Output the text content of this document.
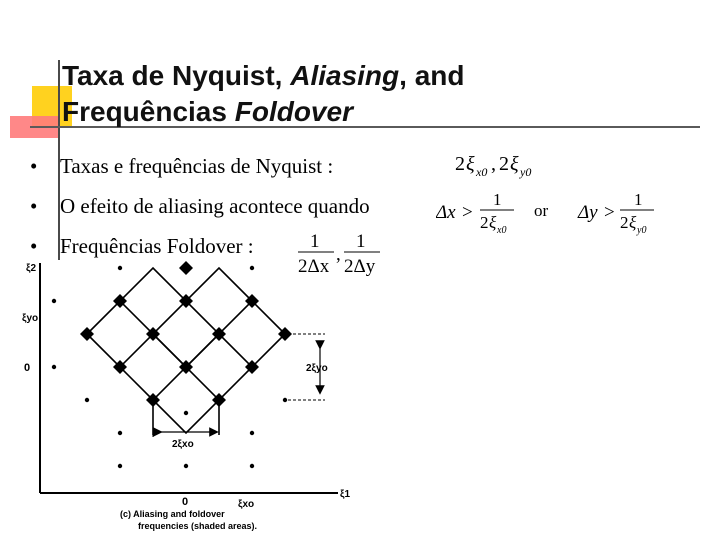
Taxa de Nyquist, Aliasing, and
Frequências Foldover
• Taxas e frequências de Nyquist :
• O efeito de aliasing acontece quando
• Frequências Foldover :
2 ξ x0 , 2 ξ y0
Δx >
1
2 ξ x0
or Δy >
1
2 ξ y0
1
2Δx
,
1
2Δy
ξ2
ξ1
ξyo
0
0	ξxo
2ξyo
2ξxo
(c) Aliasing and foldover
frequencies (shaded areas).
